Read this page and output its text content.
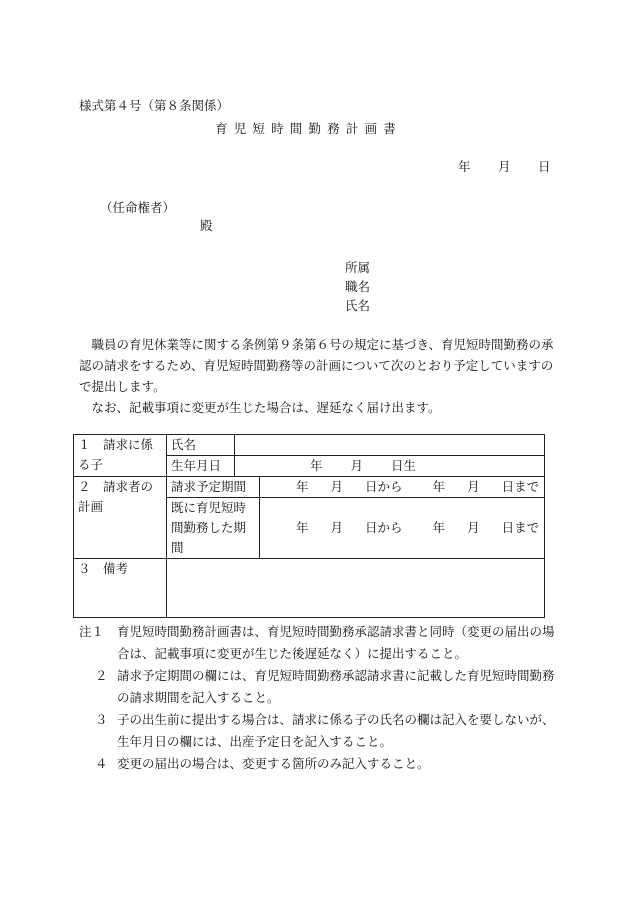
様式第４号（第８条関係）
育児短時間勤務計画書
年 月 日
（任命権者）
殿
所属
職名
氏名

職員の育児休業等に関する条例第９条第６号の規定に基づき、育児短時間勤務の承認の請求をするため、育児短時間勤務等の計画について次のとおり予定していますので提出します。

なお、記載事項に変更が生じた場合は、遅延なく届け出ます。

１　請求に係る子	氏名		
	生年月日	年 月 日生	
２　請求者の計画	請求予定期間		年 月 日から 年 月 日まで
	既に育児短時間勤務した期間		年 月 日から 年 月 日まで
３　備考			
注１ 育児短時間勤務計画書は、育児短時間勤務承認請求書と同時（変更の届出の場合は、記載事項に変更が生じた後遅延なく）に提出すること。
２ 請求予定期間の欄には、育児短時間勤務承認請求書に記載した育児短時間勤務の請求期間を記入すること。
３ 子の出生前に提出する場合は、請求に係る子の氏名の欄は記入を要しないが、生年月日の欄には、出産予定日を記入すること。
４ 変更の届出の場合は、変更する箇所のみ記入すること。
